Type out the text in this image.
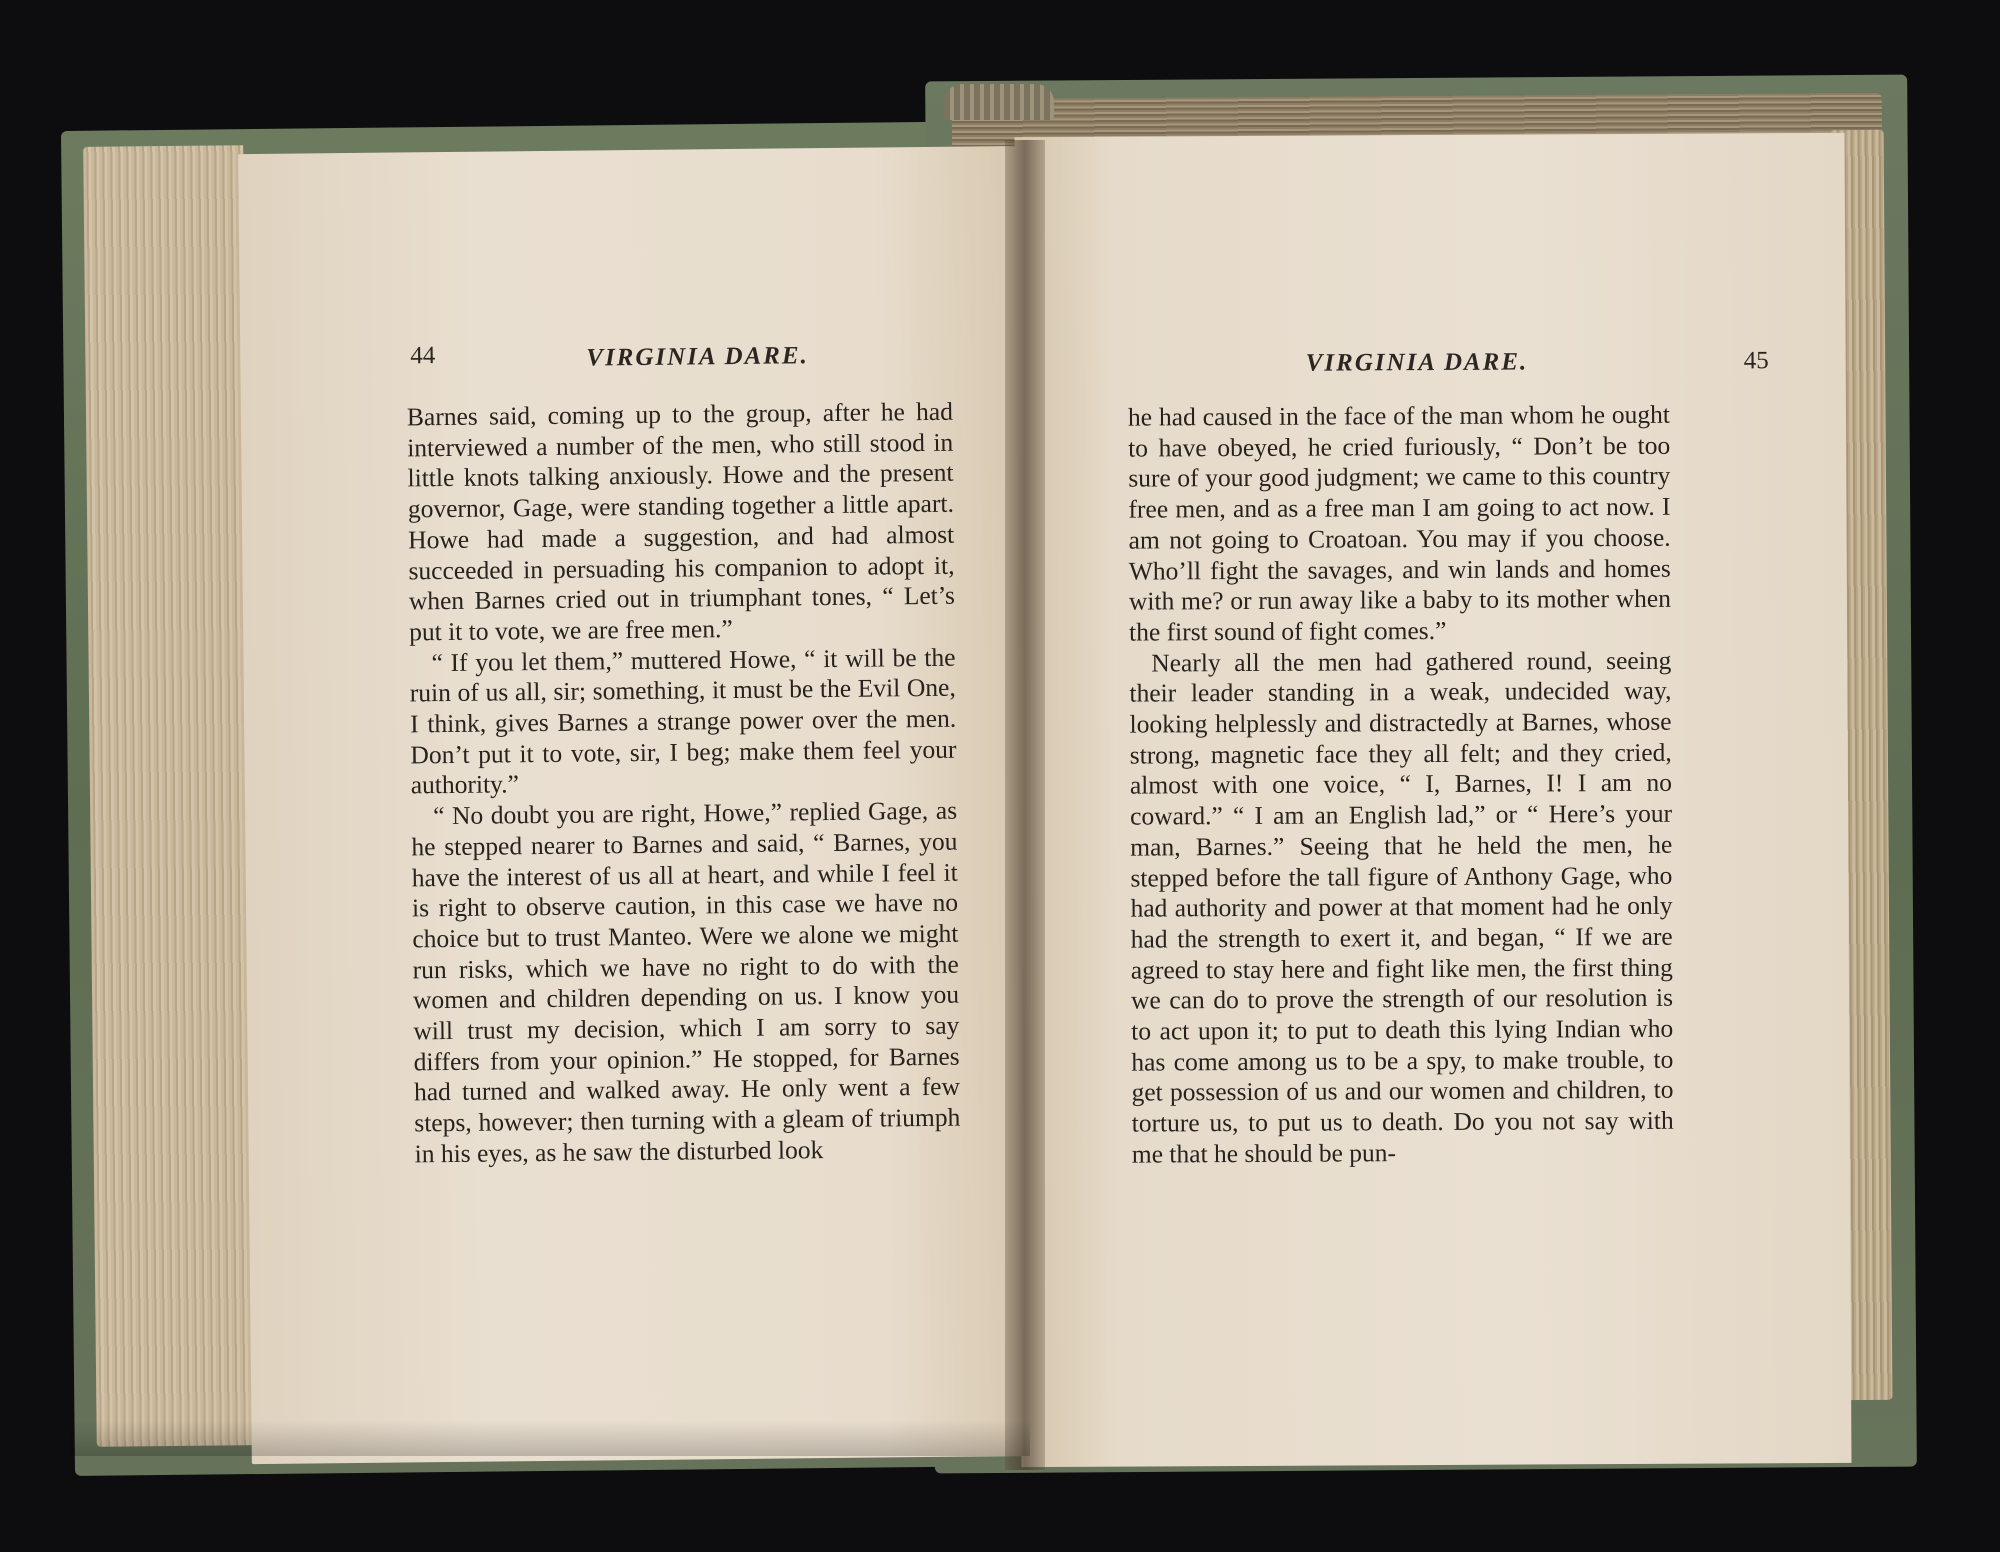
44	VIRGINIA DARE.

Barnes said, coming up to the group, after he had interviewed a number of the men, who still stood in little knots talking anxiously. Howe and the present governor, Gage, were standing together a little apart. Howe had made a suggestion, and had almost succeeded in persuading his companion to adopt it, when Barnes cried out in triumphant tones, “ Let’s put it to vote, we are free men.”

“ If you let them,” muttered Howe, “ it will be the ruin of us all, sir; something, it must be the Evil One, I think, gives Barnes a strange power over the men. Don’t put it to vote, sir, I beg; make them feel your authority.”

“ No doubt you are right, Howe,” replied Gage, as he stepped nearer to Barnes and said, “ Barnes, you have the interest of us all at heart, and while I feel it is right to observe caution, in this case we have no choice but to trust Manteo. Were we alone we might run risks, which we have no right to do with the women and children depending on us. I know you will trust my decision, which I am sorry to say differs from your opinion.” He stopped, for Barnes had turned and walked away. He only went a few steps, however; then turning with a gleam of triumph in his eyes, as he saw the disturbed look

VIRGINIA DARE.	45

he had caused in the face of the man whom he ought to have obeyed, he cried furiously, “ Don’t be too sure of your good judgment; we came to this country free men, and as a free man I am going to act now. I am not going to Croatoan. You may if you choose. Who’ll fight the savages, and win lands and homes with me? or run away like a baby to its mother when the first sound of fight comes.”

Nearly all the men had gathered round, seeing their leader standing in a weak, undecided way, looking helplessly and distractedly at Barnes, whose strong, magnetic face they all felt; and they cried, almost with one voice, “ I, Barnes, I! I am no coward.” “ I am an English lad,” or “ Here’s your man, Barnes.” Seeing that he held the men, he stepped before the tall figure of Anthony Gage, who had authority and power at that moment had he only had the strength to exert it, and began, “ If we are agreed to stay here and fight like men, the first thing we can do to prove the strength of our resolution is to act upon it; to put to death this lying Indian who has come among us to be a spy, to make trouble, to get possession of us and our women and children, to torture us, to put us to death. Do you not say with me that he should be pun-
